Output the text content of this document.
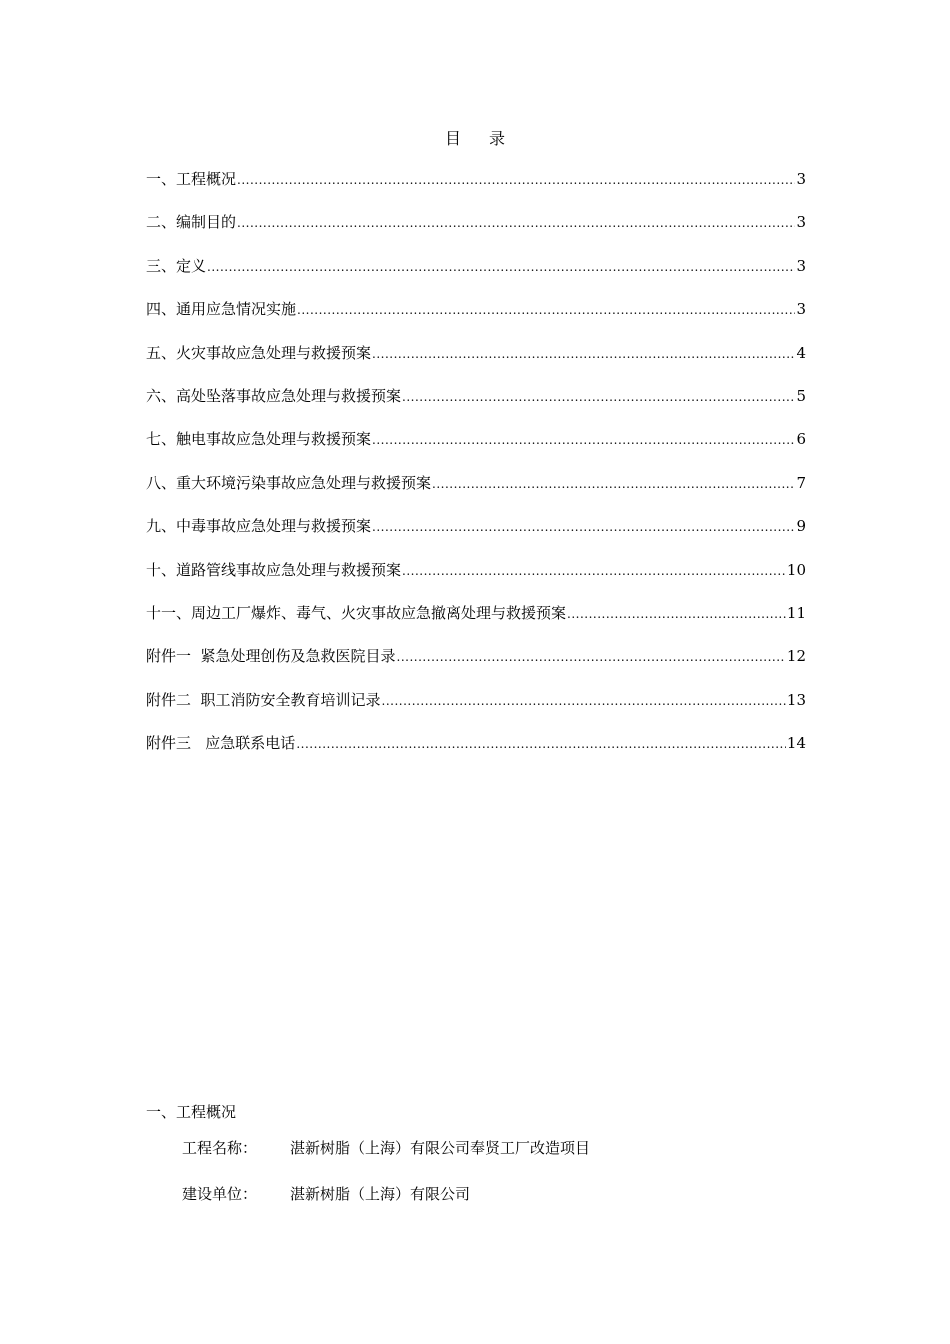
目 录
一、工程概况 .....	3
二、编制目的 .....	3
三、定义 .....	3
四、通用应急情况实施 .....	3
五、火灾事故应急处理与救援预案 .....	4
六、高处坠落事故应急处理与救援预案 .....	5
七、触电事故应急处理与救援预案 .....	6
八、重大环境污染事故应急处理与救援预案 .....	7
九、中毒事故应急处理与救援预案 .....	9
十、道路管线事故应急处理与救援预案 .....	10
十一、周边工厂爆炸、毒气、火灾事故应急撤离处理与救援预案 .....	11
附件一  紧急处理创伤及急救医院目录 .....	12
附件二  职工消防安全教育培训记录 .....	13
附件三   应急联系电话 .....	14
一、工程概况
工程名称：	湛新树脂（上海）有限公司奉贤工厂改造项目
建设单位：	湛新树脂（上海）有限公司
